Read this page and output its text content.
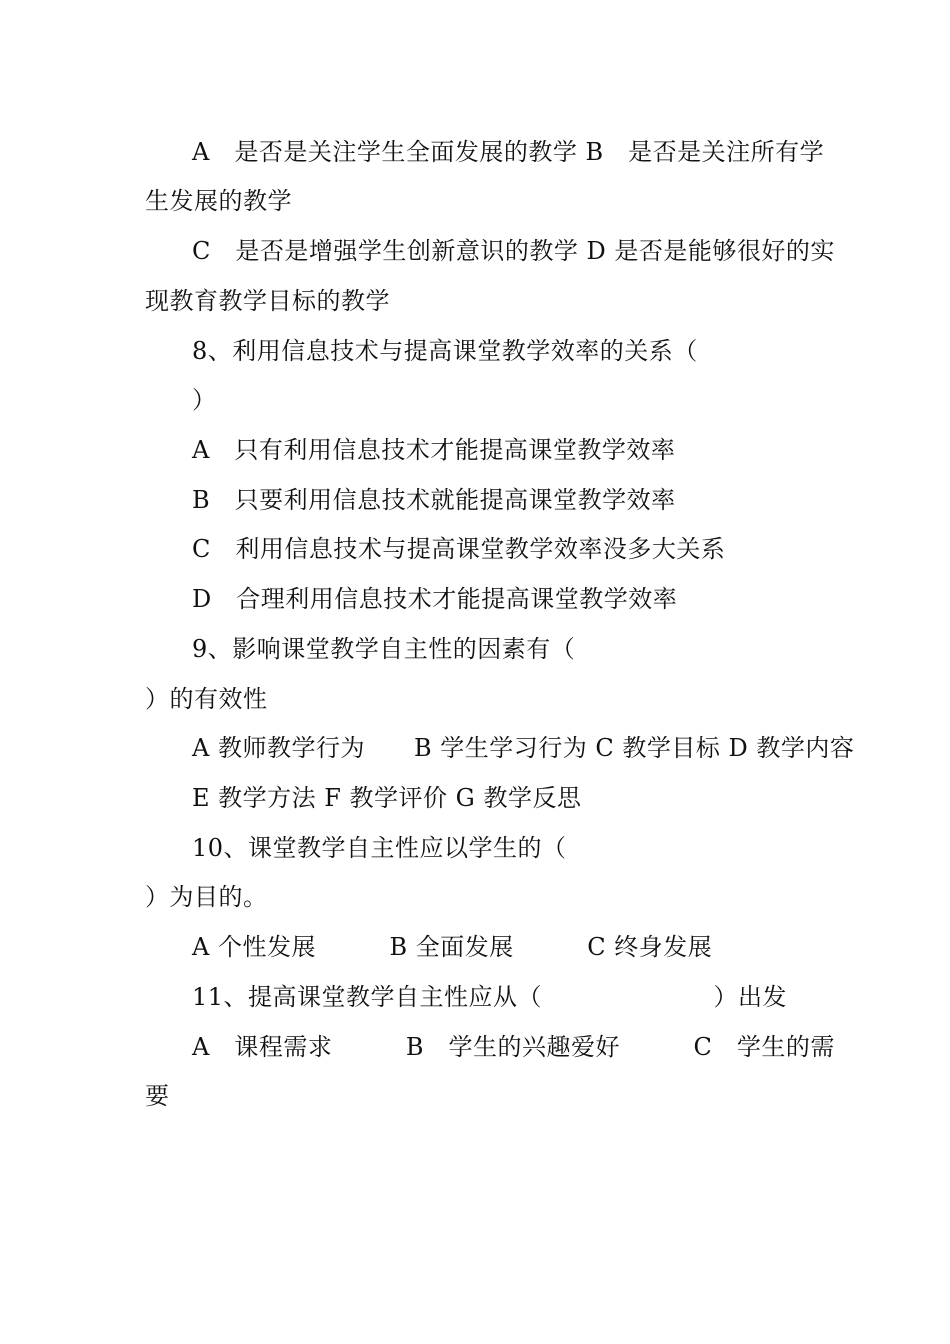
A　是否是关注学生全面发展的教学 B　是否是关注所有学
生发展的教学
C　是否是增强学生创新意识的教学 D 是否是能够很好的实
现教育教学目标的教学
8、利用信息技术与提高课堂教学效率的关系（
）
A　只有利用信息技术才能提高课堂教学效率
B　只要利用信息技术就能提高课堂教学效率
C　利用信息技术与提高课堂教学效率没多大关系
D　合理利用信息技术才能提高课堂教学效率
9、影响课堂教学自主性的因素有（
）的有效性
A 教师教学行为　　B 学生学习行为 C 教学目标 D 教学内容
E 教学方法 F 教学评价 G 教学反思
10、课堂教学自主性应以学生的（
）为目的。
A 个性发展　　　B 全面发展　　　C 终身发展
11、提高课堂教学自主性应从（　　　　　　　）出发
A　课程需求　　　B　学生的兴趣爱好　　　C　学生的需
要
